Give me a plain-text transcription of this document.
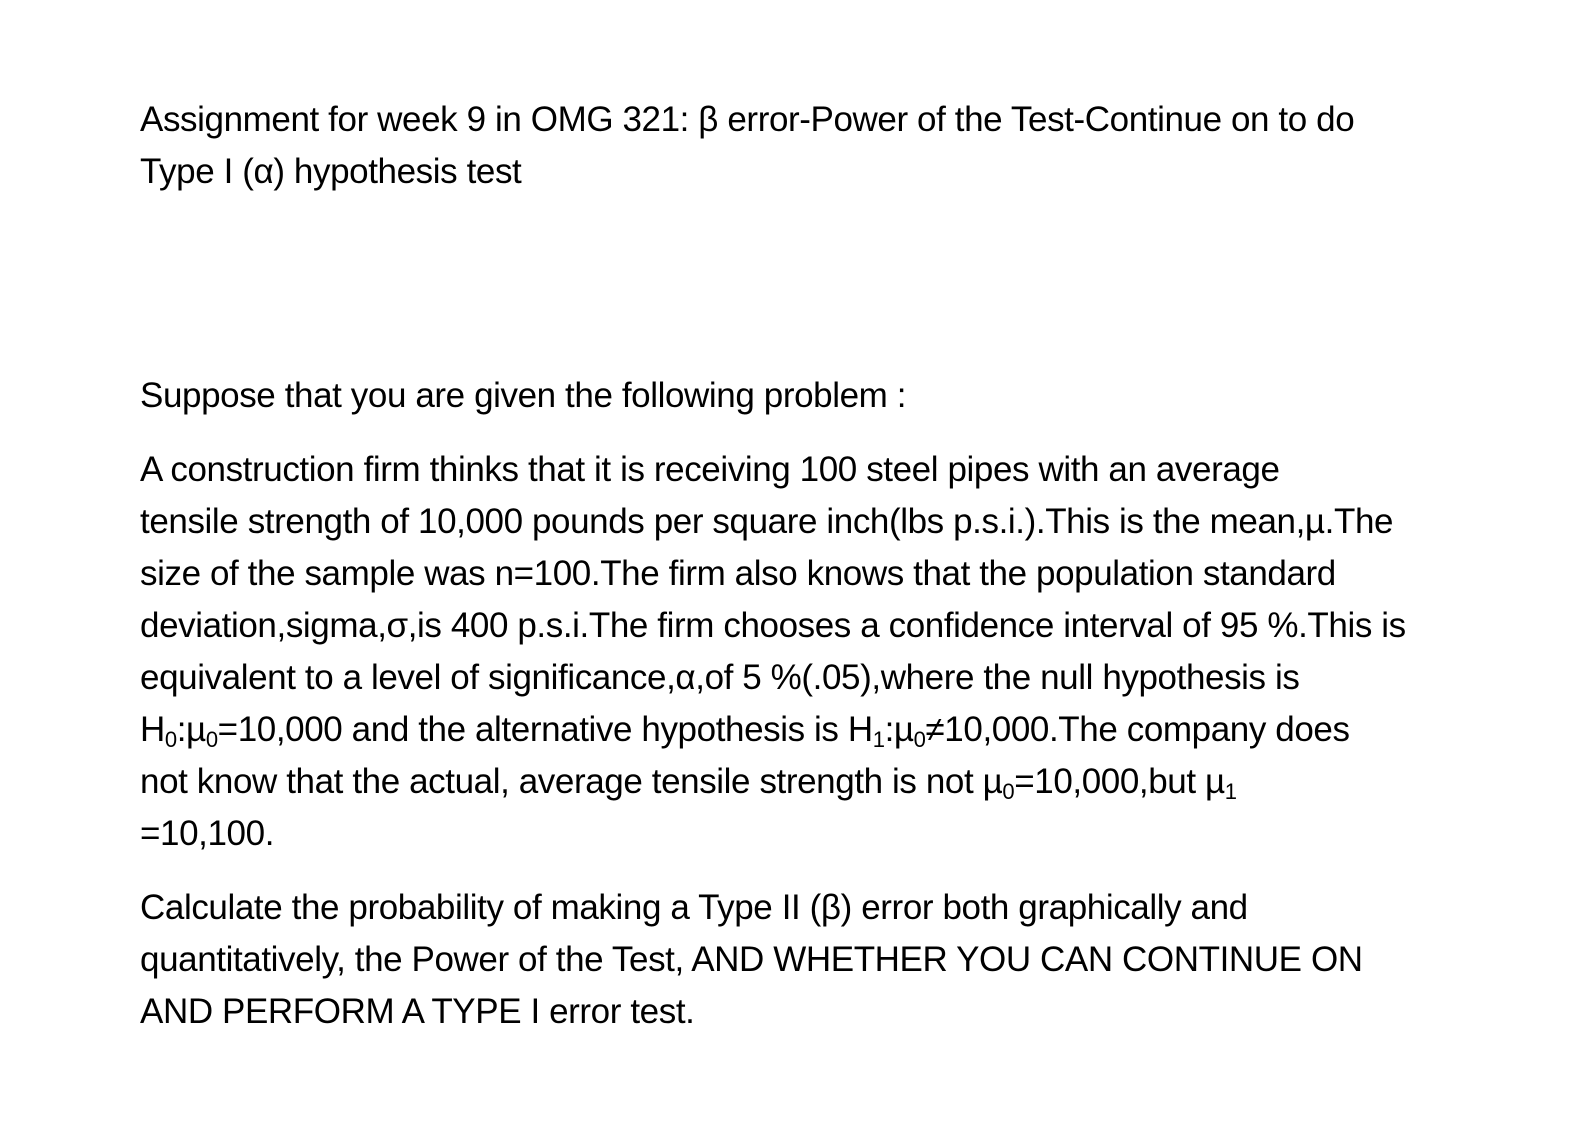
Assignment for week 9 in OMG 321: β error-Power of the Test-Continue on to do
Type I (α) hypothesis test

Suppose that you are given the following problem :

A construction firm thinks that it is receiving 100 steel pipes with an average
tensile strength of 10,000 pounds per square inch(lbs p.s.i.).This is the mean,µ.The
size of the sample was n=100.The firm also knows that the population standard
deviation,sigma,σ,is 400 p.s.i.The firm chooses a confidence interval of 95 %.This is
equivalent to a level of significance,α,of 5 %(.05),where the null hypothesis is
$H_0:\mu_0=10,000$ and the alternative hypothesis is $H_1:\mu_0\ne 10,000.The$ company does
not know that the actual, average tensile strength is not µ$_0$=10,000,but µ$_1$
=10,100.

Calculate the probability of making a Type II (β) error both graphically and
quantitatively, the Power of the Test, AND WHETHER YOU CAN CONTINUE ON
AND PERFORM A TYPE I error test.
